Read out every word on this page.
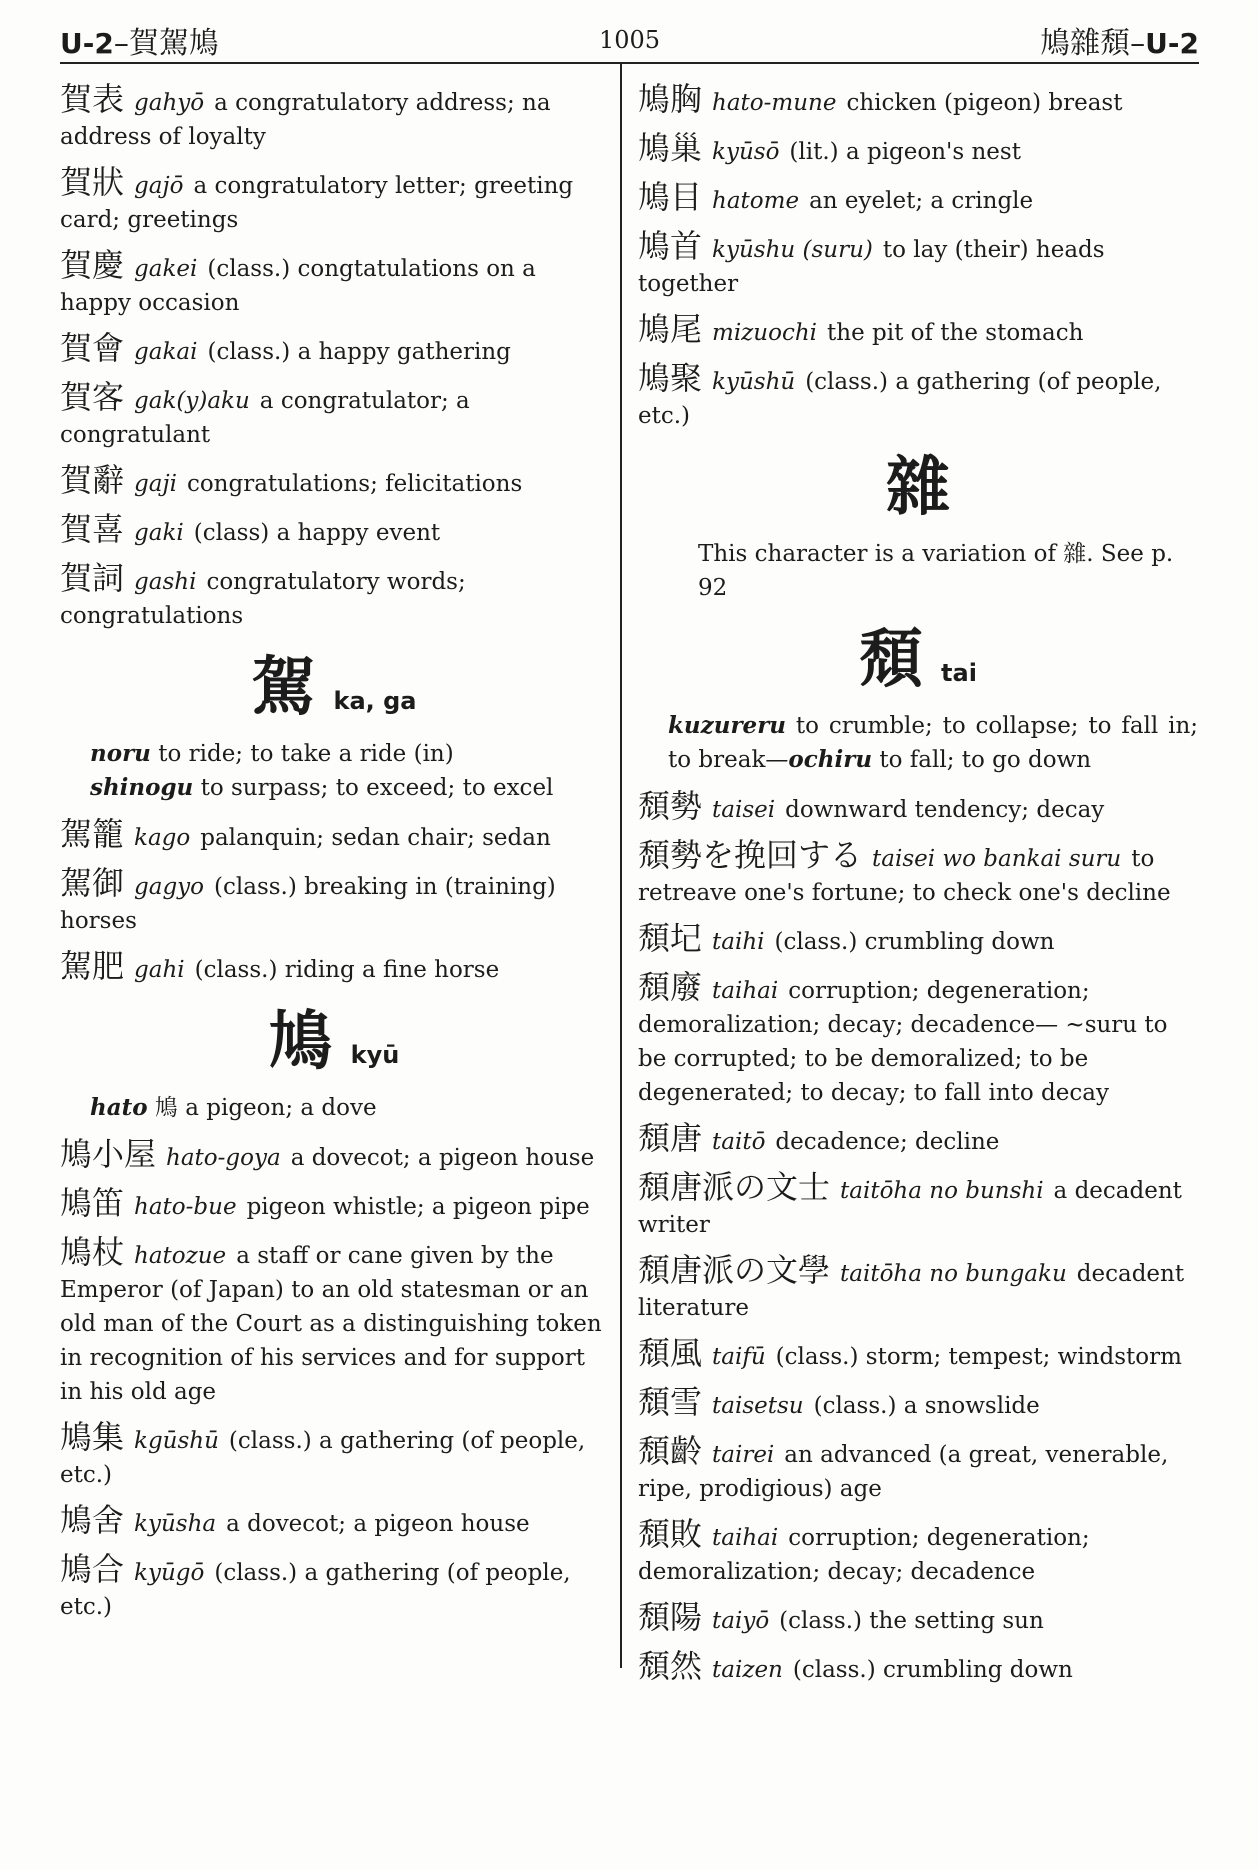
U-2–賀駕鳩	1005	鳩雜頹–U-2
賀表 gahyō a congratulatory address; na address of loyalty
賀狀 gajō a congratulatory letter; greeting card; greetings
賀慶 gakei (class.) congtatulations on a happy occasion
賀會 gakai (class.) a happy gathering
賀客 gak(y)aku a congratulator; a congratulant
賀辭 gaji congratulations; felicitations
賀喜 gaki (class) a happy event
賀詞 gashi congratulatory words; congratulations
駕ka, ga
noru to ride; to take a ride (in)
shinogu to surpass; to exceed; to excel
駕籠 kago palanquin; sedan chair; sedan
駕御 gagyo (class.) breaking in (training) horses
駕肥 gahi (class.) riding a fine horse
鳩kyū
hato 鳩 a pigeon; a dove
鳩小屋 hato-goya a dovecot; a pigeon house
鳩笛 hato-bue pigeon whistle; a pigeon pipe
鳩杖 hatozue a staff or cane given by the Emperor (of Japan) to an old statesman or an old man of the Court as a distinguishing token in recognition of his services and for support in his old age
鳩集 kgūshū (class.) a gathering (of people, etc.)
鳩舍 kyūsha a dovecot; a pigeon house
鳩合 kyūgō (class.) a gathering (of people, etc.)
鳩胸 hato-mune chicken (pigeon) breast
鳩巢 kyūsō (lit.) a pigeon's nest
鳩目 hatome an eyelet; a cringle
鳩首 kyūshu (suru) to lay (their) heads together
鳩尾 mizuochi the pit of the stomach
鳩聚 kyūshū (class.) a gathering (of people, etc.)
雜
This character is a variation of 雜. See p. 92
頹tai
kuzureru to crumble; to collapse; to fall in; to break—ochiru to fall; to go down
頹勢 taisei downward tendency; decay
頹勢を挽回する taisei wo bankai suru to retreave one's fortune; to check one's decline
頹圮 taihi (class.) crumbling down
頹廢 taihai corruption; degeneration; demoralization; decay; decadence— ~suru to be corrupted; to be demoralized; to be degenerated; to decay; to fall into decay
頹唐 taitō decadence; decline
頹唐派の文士 taitōha no bunshi a decadent writer
頹唐派の文學 taitōha no bungaku decadent literature
頹風 taifū (class.) storm; tempest; windstorm
頹雪 taisetsu (class.) a snowslide
頹齡 tairei an advanced (a great, venerable, ripe, prodigious) age
頹敗 taihai corruption; degeneration; demoralization; decay; decadence
頹陽 taiyō (class.) the setting sun
頹然 taizen (class.) crumbling down
